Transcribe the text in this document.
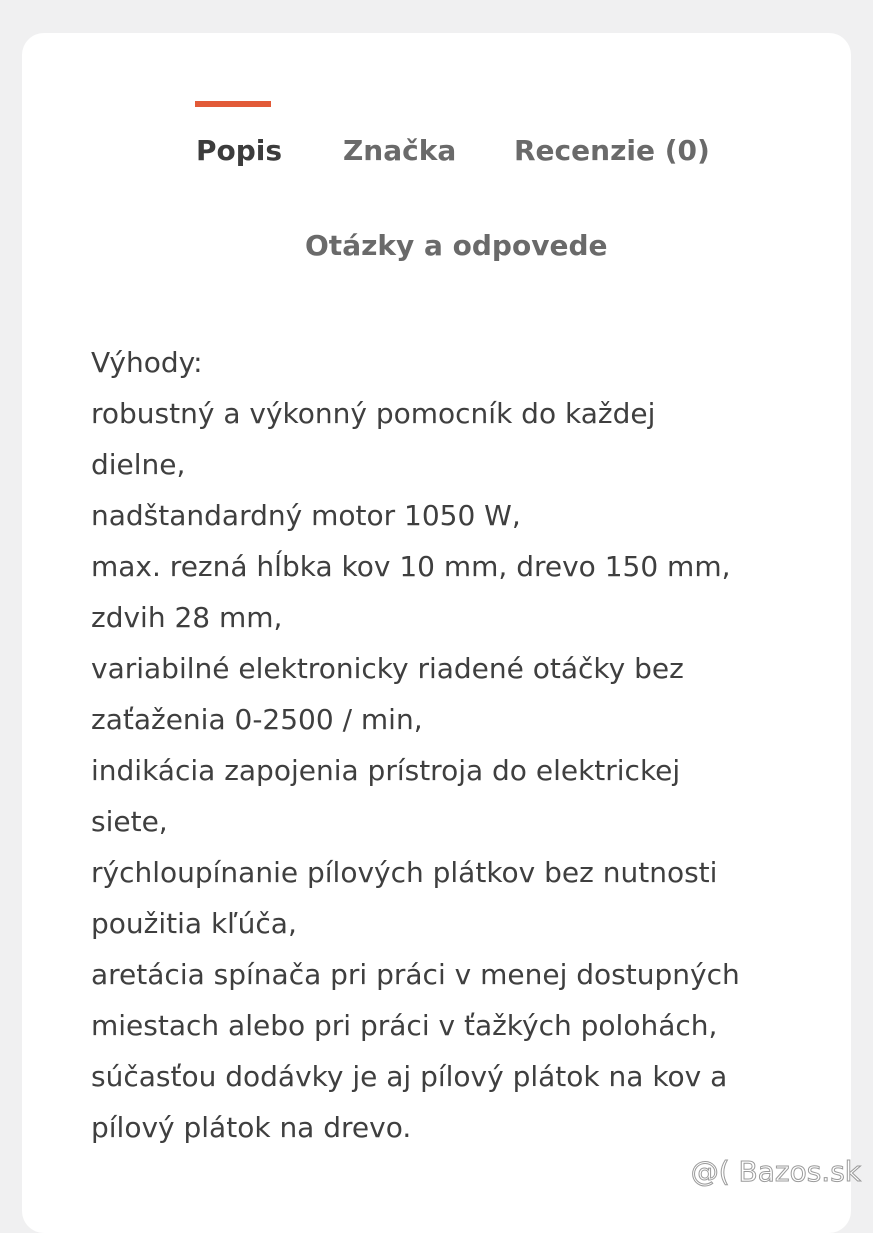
Popis Značka Recenzie (0)
Otázky a odpovede
Výhody:
robustný a výkonný pomocník do každej
dielne,
nadštandardný motor 1050 W,
max. rezná hĺbka kov 10 mm, drevo 150 mm,
zdvih 28 mm,
variabilné elektronicky riadené otáčky bez
zaťaženia 0-2500 / min,
indikácia zapojenia prístroja do elektrickej
siete,
rýchloupínanie pílových plátkov bez nutnosti
použitia kľúča,
aretácia spínača pri práci v menej dostupných
miestach alebo pri práci v ťažkých polohách,
súčasťou dodávky je aj pílový plátok na kov a
pílový plátok na drevo.
@( Bazos.sk
